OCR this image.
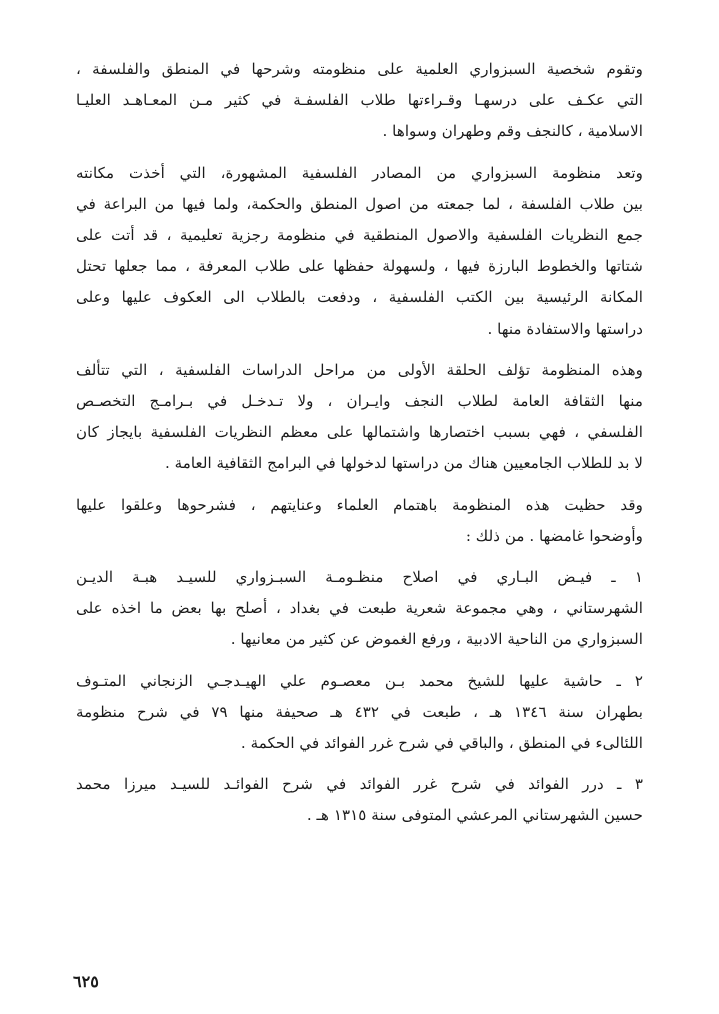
وتقوم شخصية السبزواري العلمية على منظومته وشرحها في المنطق والفلسفة ،
التي عكـف على درسهـا وقـراءتها طلاب الفلسفـة في كثير مـن المعـاهـد العليـا
الاسلامية ، كالنجف وقم وطهران وسواها .

وتعد منظومة السبزواري من المصادر الفلسفية المشهورة، التي أخذت مكانته
بين طلاب الفلسفة ، لما جمعته من اصول المنطق والحكمة، ولما فيها من البراعة في
جمع النظريات الفلسفية والاصول المنطقية في منظومة رجزية تعليمية ، قد أتت على
شتاتها والخطوط البارزة فيها ، ولسهولة حفظها على طلاب المعرفة ، مما جعلها تحتل
المكانة الرئيسية بين الكتب الفلسفية ، ودفعت بالطلاب الى العكوف عليها وعلى
دراستها والاستفادة منها .

وهذه المنظومة تؤلف الحلقة الأولى من مراحل الدراسات الفلسفية ، التي تتألف
منها الثقافة العامة لطلاب النجف وايـران ، ولا تـدخـل في بـرامـج التخصـص
الفلسفي ، فهي بسبب اختصارها واشتمالها على معظم النظريات الفلسفية بايجاز كان
لا بد للطلاب الجامعيين هناك من دراستها لدخولها في البرامج الثقافية العامة .

وقد حظيت هذه المنظومة باهتمام العلماء وعنايتهم ، فشرحوها وعلقوا عليها
وأوضحوا غامضها . من ذلك :

١ ـ فيـض البـاري في اصلاح منظـومـة السبـزواري للسيـد هبـة الديـن
الشهرستاني ، وهي مجموعة شعرية طبعت في بغداد ، أصلح بها بعض ما اخذه على
السبزواري من الناحية الادبية ، ورفع الغموض عن كثير من معانيها .

٢ ـ حاشية عليها للشيخ محمد بـن معصـوم علي الهيـدجـي الزنجاني المتـوف
بطهران سنة ١٣٤٦ هـ ، طبعت في ٤٣٢ هـ صحيفة منها ٧٩ في شرح منظومة
اللئالىء في المنطق ، والباقي في شرح غرر الفوائد في الحكمة .

٣ ـ درر الفوائد في شرح غرر الفوائد في شرح الفوائـد للسيـد ميرزا محمد
حسين الشهرستاني المرعشي المتوفى سنة ١٣١٥ هـ .

٦٢٥
